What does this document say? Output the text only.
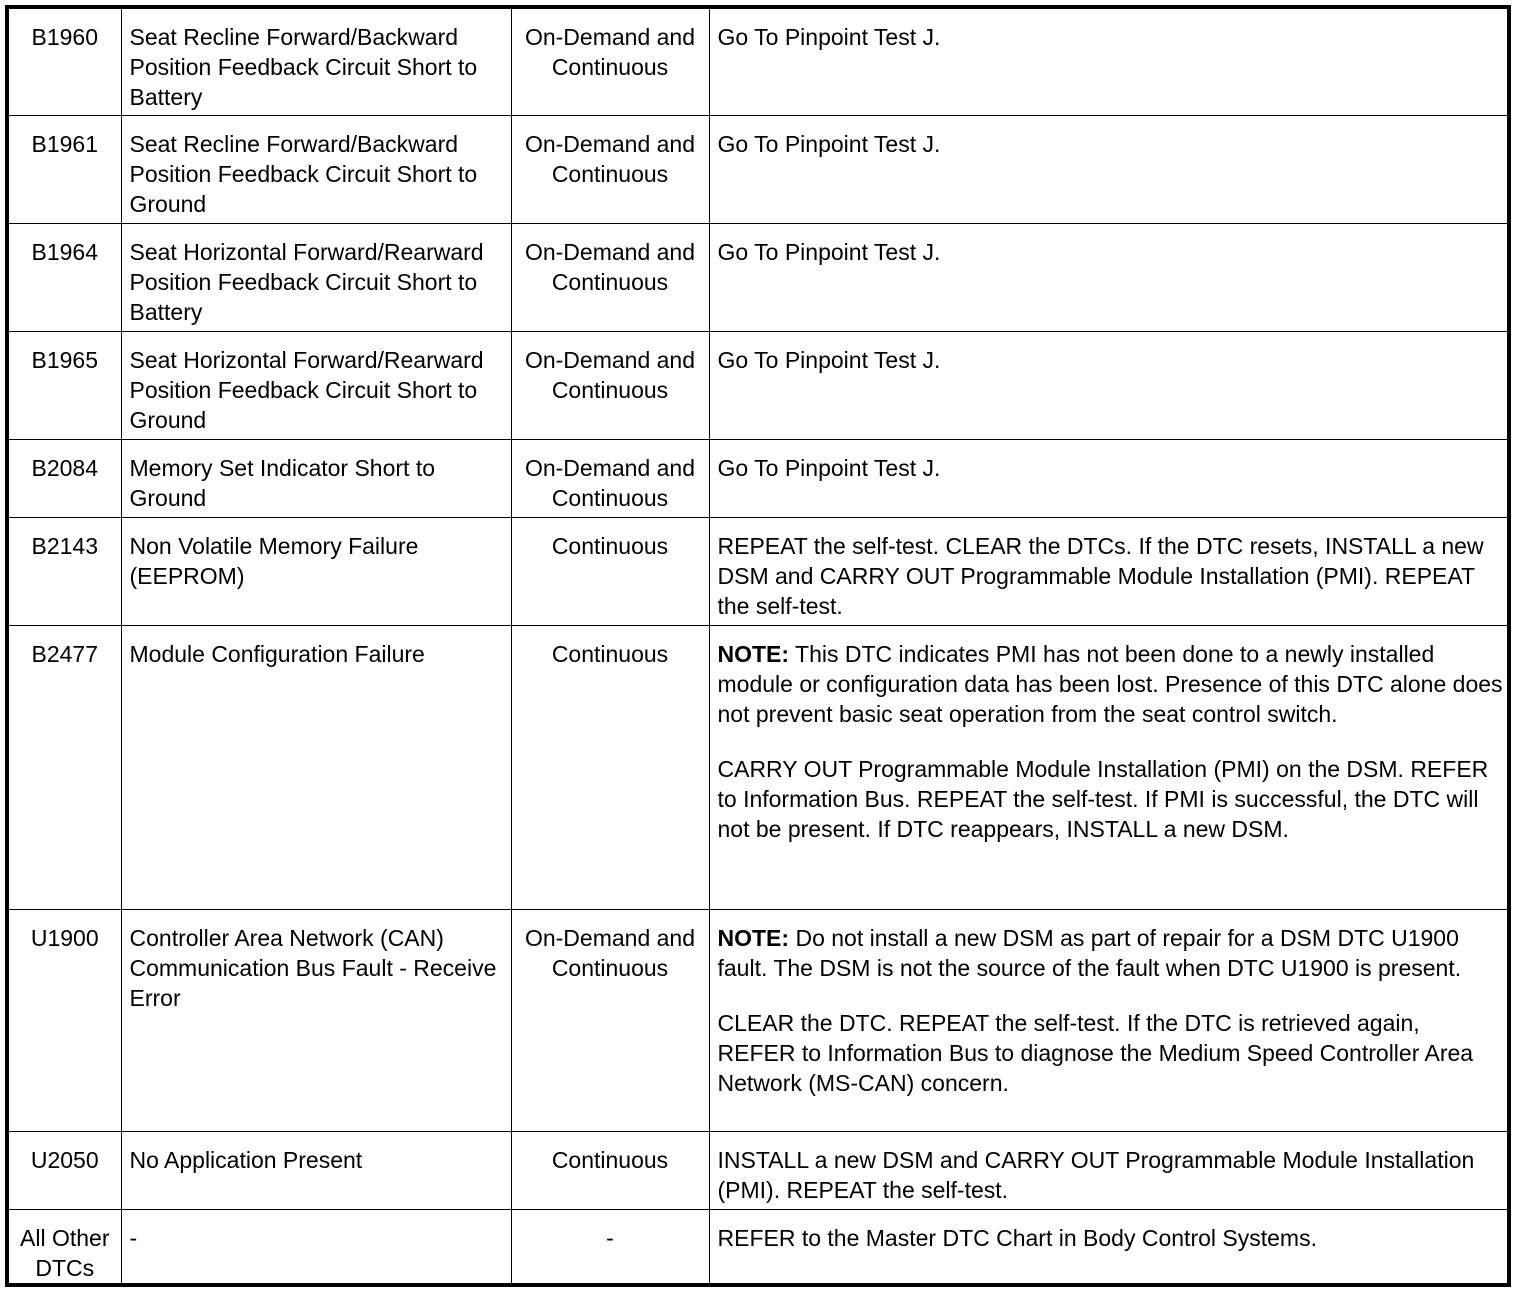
B1960	Seat Recline Forward/Backward Position Feedback Circuit Short to Battery	On-Demand and Continuous	Go To Pinpoint Test J.

B1961	Seat Recline Forward/Backward Position Feedback Circuit Short to Ground	On-Demand and Continuous	Go To Pinpoint Test J.

B1964	Seat Horizontal Forward/Rearward Position Feedback Circuit Short to Battery	On-Demand and Continuous	Go To Pinpoint Test J.

B1965	Seat Horizontal Forward/Rearward Position Feedback Circuit Short to Ground	On-Demand and Continuous	Go To Pinpoint Test J.

B2084	Memory Set Indicator Short to Ground	On-Demand and Continuous	Go To Pinpoint Test J.

B2143	Non Volatile Memory Failure (EEPROM)	Continuous	REPEAT the self-test. CLEAR the DTCs. If the DTC resets, INSTALL a new DSM and CARRY OUT Programmable Module Installation (PMI). REPEAT the self-test.

B2477	Module Configuration Failure	Continuous	NOTE: This DTC indicates PMI has not been done to a newly installed module or configuration data has been lost. Presence of this DTC alone does not prevent basic seat operation from the seat control switch.
CARRY OUT Programmable Module Installation (PMI) on the DSM. REFER to Information Bus. REPEAT the self-test. If PMI is successful, the DTC will not be present. If DTC reappears, INSTALL a new DSM.

U1900	Controller Area Network (CAN) Communication Bus Fault - Receive Error	On-Demand and Continuous	NOTE: Do not install a new DSM as part of repair for a DSM DTC U1900 fault. The DSM is not the source of the fault when DTC U1900 is present.
CLEAR the DTC. REPEAT the self-test. If the DTC is retrieved again, REFER to Information Bus to diagnose the Medium Speed Controller Area Network (MS-CAN) concern.

U2050	No Application Present	Continuous	INSTALL a new DSM and CARRY OUT Programmable Module Installation (PMI). REPEAT the self-test.

All Other DTCs	-	-	REFER to the Master DTC Chart in Body Control Systems.
